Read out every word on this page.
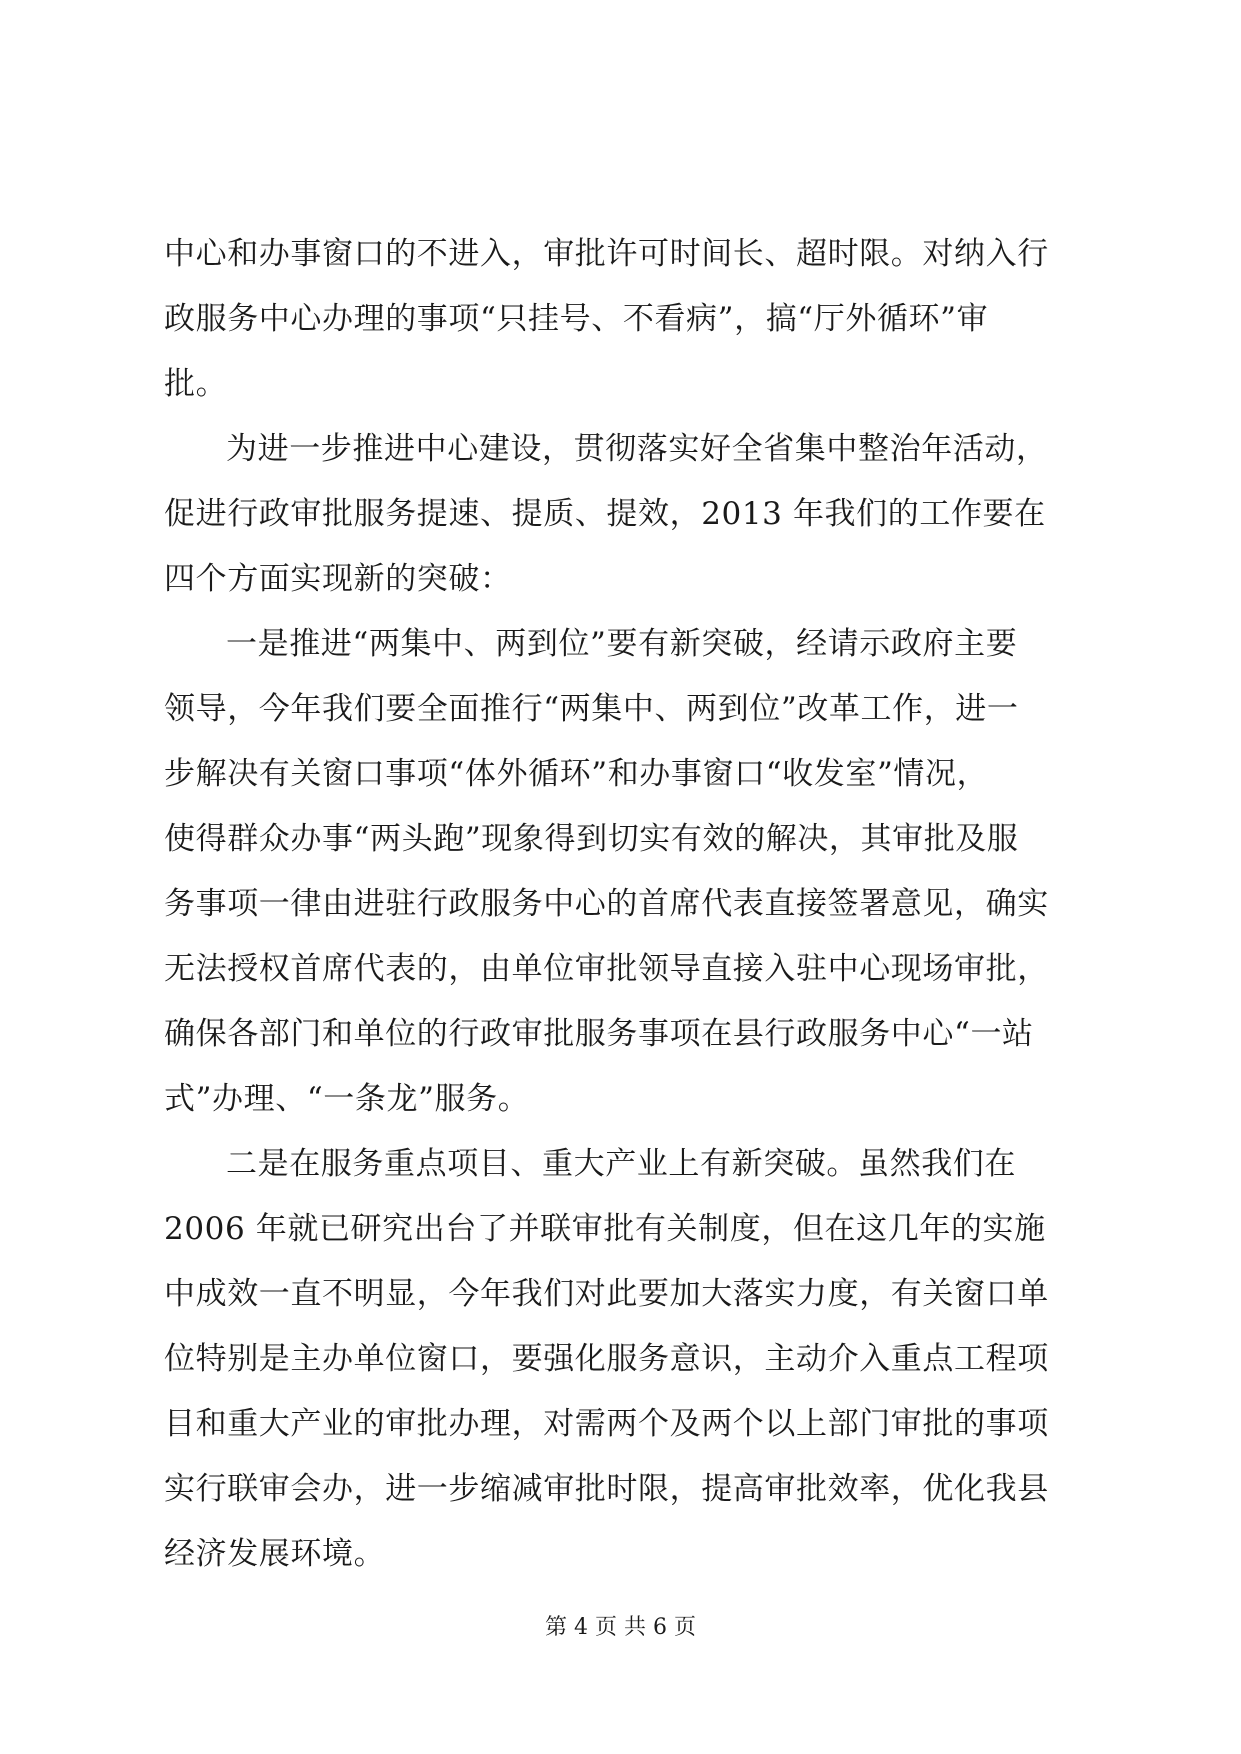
中心和办事窗口的不进入，审批许可时间长、超时限。对纳入行
政服务中心办理的事项“只挂号、不看病”，搞“厅外循环”审
批。
为进一步推进中心建设，贯彻落实好全省集中整治年活动，
促进行政审批服务提速、提质、提效，2013 年我们的工作要在
四个方面实现新的突破：
一是推进“两集中、两到位”要有新突破，经请示政府主要
领导，今年我们要全面推行“两集中、两到位”改革工作，进一
步解决有关窗口事项“体外循环”和办事窗口“收发室”情况，
使得群众办事“两头跑”现象得到切实有效的解决，其审批及服
务事项一律由进驻行政服务中心的首席代表直接签署意见，确实
无法授权首席代表的，由单位审批领导直接入驻中心现场审批，
确保各部门和单位的行政审批服务事项在县行政服务中心“一站
式”办理、“一条龙”服务。
二是在服务重点项目、重大产业上有新突破。虽然我们在
2006 年就已研究出台了并联审批有关制度，但在这几年的实施
中成效一直不明显，今年我们对此要加大落实力度，有关窗口单
位特别是主办单位窗口，要强化服务意识，主动介入重点工程项
目和重大产业的审批办理，对需两个及两个以上部门审批的事项
实行联审会办，进一步缩减审批时限，提高审批效率，优化我县
经济发展环境。
第 4 页 共 6 页
